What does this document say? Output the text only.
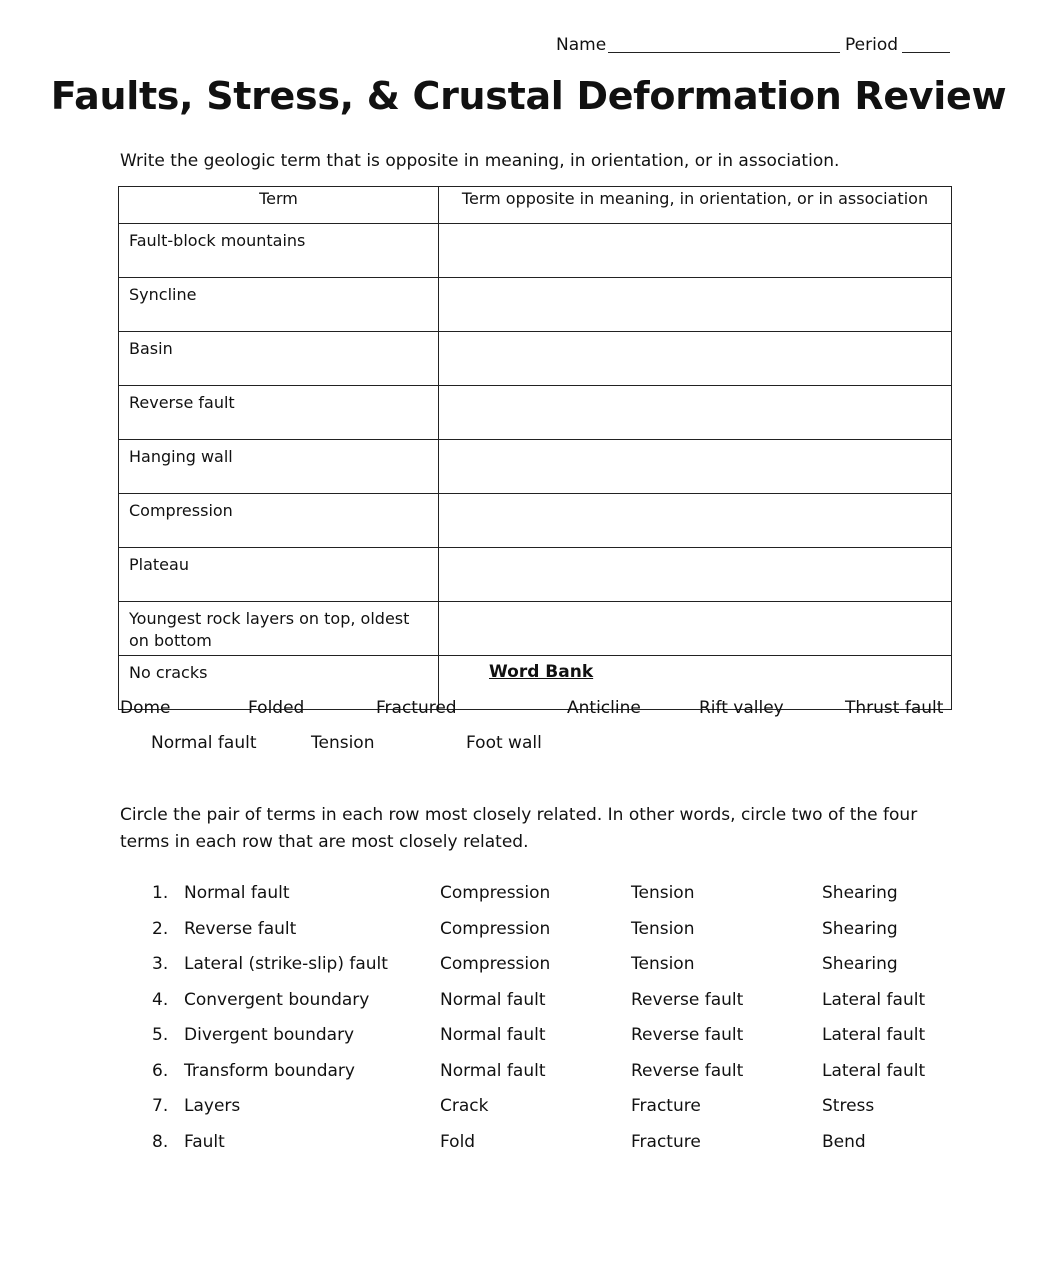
Name	Period
Faults, Stress, & Crustal Deformation Review
Write the geologic term that is opposite in meaning, in orientation, or in association.
Term	Term opposite in meaning, in orientation, or in association
Fault-block mountains	
Syncline	
Basin	
Reverse fault	
Hanging wall	
Compression	
Plateau	
Youngest rock layers on top, oldest on bottom	
No cracks		Word Bank
Dome	Folded	Fractured	Anticline	Rift valley	Thrust fault
Normal fault	Tension	Foot wall
Circle the pair of terms in each row most closely related. In other words, circle two of the four terms in each row that are most closely related.
1. Normal fault	Compression	Tension	Shearing
2. Reverse fault	Compression	Tension	Shearing
3. Lateral (strike-slip) fault	Compression	Tension	Shearing
4. Convergent boundary	Normal fault	Reverse fault	Lateral fault
5. Divergent boundary	Normal fault	Reverse fault	Lateral fault
6. Transform boundary	Normal fault	Reverse fault	Lateral fault
7. Layers	Crack	Fracture	Stress
8. Fault	Fold	Fracture	Bend
